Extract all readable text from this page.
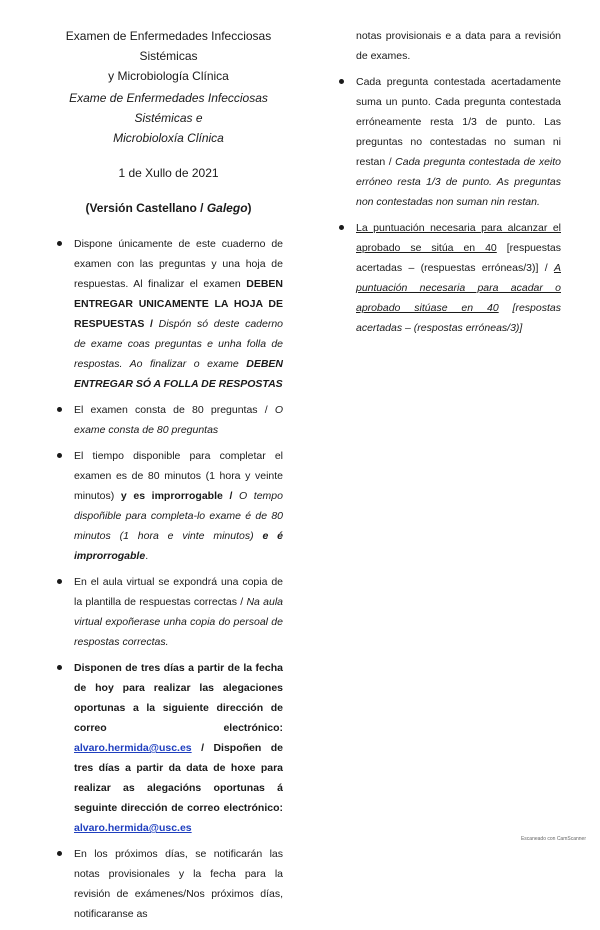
Examen de Enfermedades Infecciosas Sistémicas
y Microbiología Clínica

Exame de Enfermedades Infecciosas Sistémicas e
Microbioloxía Clínica

1 de Xullo de 2021

(Versión Castellano / Galego)

Dispone únicamente de este cuaderno de examen con las preguntas y una hoja de respuestas. Al finalizar el examen DEBEN ENTREGAR UNICAMENTE LA HOJA DE RESPUESTAS / Dispón só deste caderno de exame coas preguntas e unha folla de respostas. Ao finalizar o exame DEBEN ENTREGAR SÓ A FOLLA DE RESPOSTAS
El examen consta de 80 preguntas / O exame consta de 80 preguntas
El tiempo disponible para completar el examen es de 80 minutos (1 hora y veinte minutos) y es improrrogable / O tempo dispoñible para completa-lo exame é de 80 minutos (1 hora e vinte minutos) e é improrrogable.
En el aula virtual se expondrá una copia de la plantilla de respuestas correctas / Na aula virtual expoñerase unha copia do persoal de respostas correctas.
Disponen de tres días a partir de la fecha de hoy para realizar las alegaciones oportunas a la siguiente dirección de correo electrónico: alvaro.hermida@usc.es / Dispoñen de tres días a partir da data de hoxe para realizar as alegacións oportunas á seguinte dirección de correo electrónico: alvaro.hermida@usc.es
En los próximos días, se notificarán las notas provisionales y la fecha para la revisión de exámenes/Nos próximos días, notificaranse as
notas provisionais e a data para a revisión de exames.
Cada pregunta contestada acertadamente suma un punto. Cada pregunta contestada erróneamente resta 1/3 de punto. Las preguntas no contestadas no suman ni restan / Cada pregunta contestada de xeito erróneo resta 1/3 de punto. As preguntas non contestadas non suman nin restan.
La puntuación necesaria para alcanzar el aprobado se sitúa en 40 [respuestas acertadas – (respuestas erróneas/3)] / A puntuación necesaria para acadar o aprobado sitúase en 40 [respostas acertadas – (respostas erróneas/3)]
Escaneado con CamScanner
